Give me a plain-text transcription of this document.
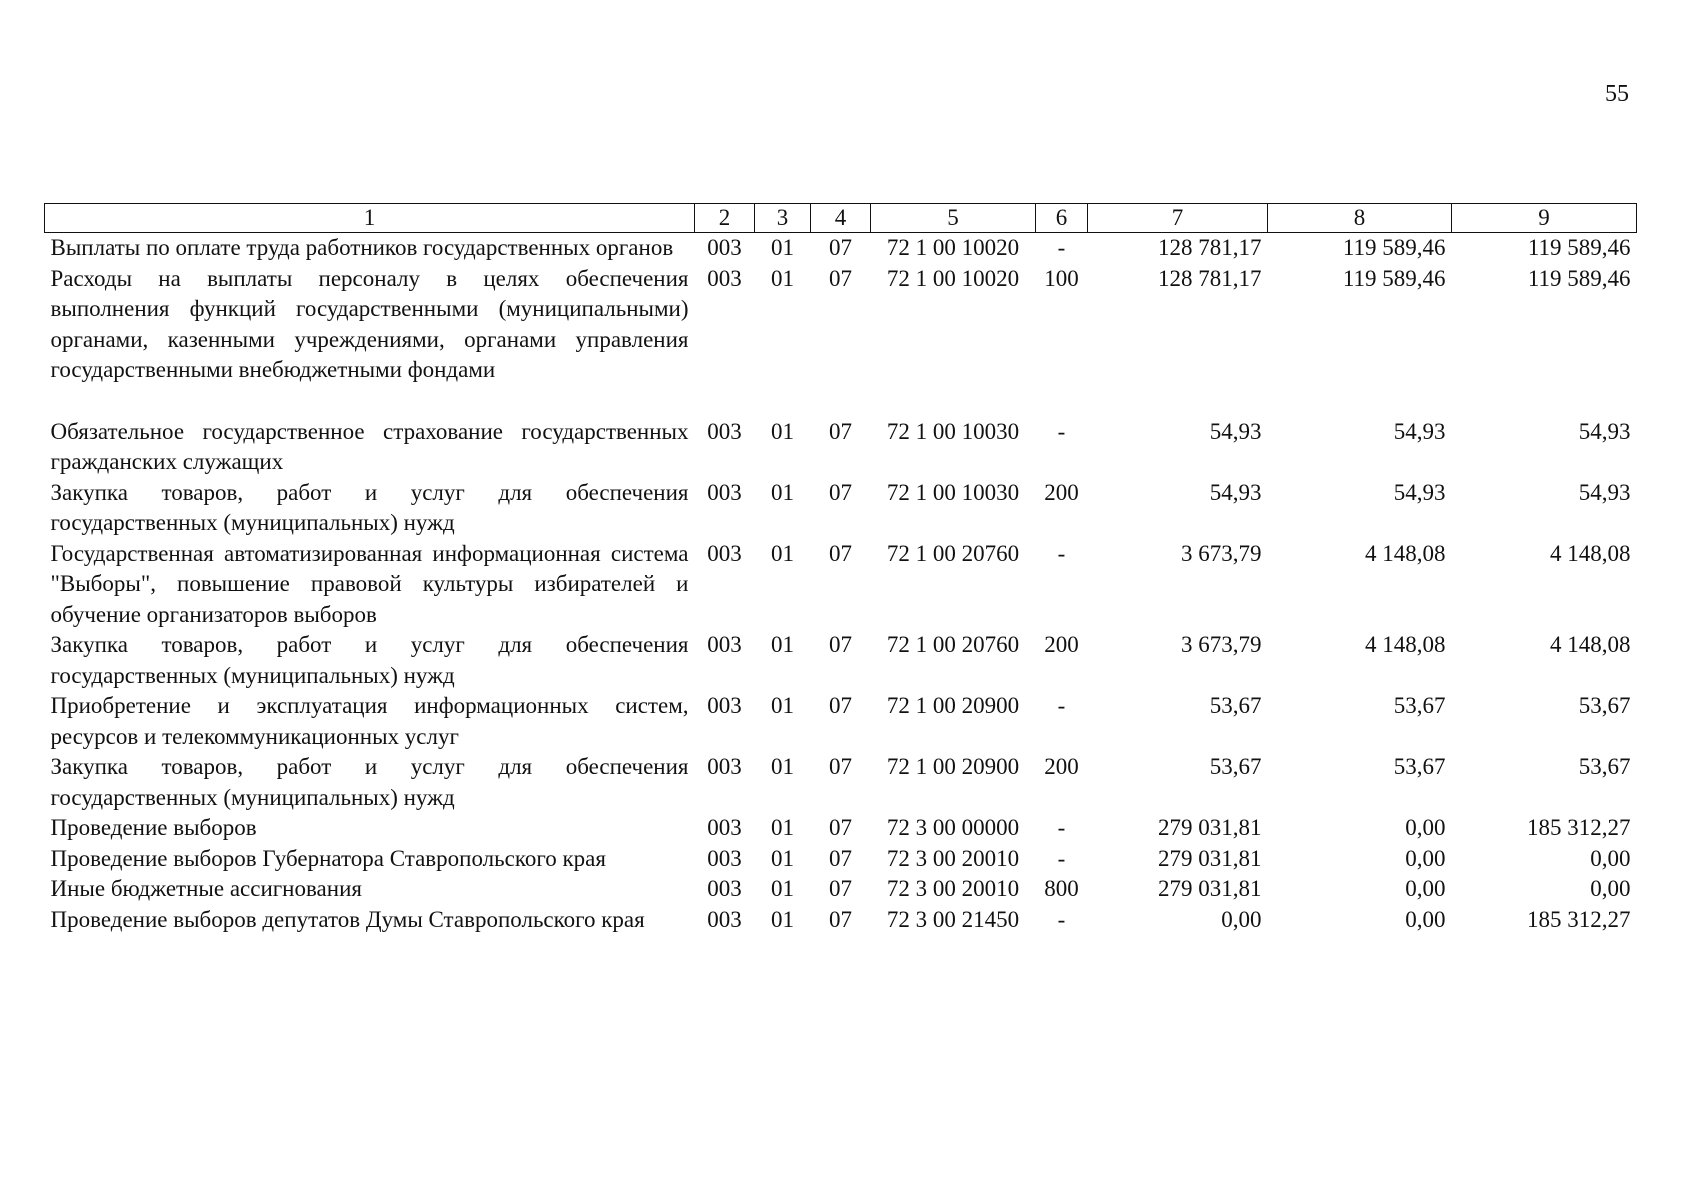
55
1	2	3	4	5	6	7	8	9
Выплаты по оплате труда работников государственных органов	003	01	07	72 1 00 10020	-	128 781,17	119 589,46	119 589,46
Расходы на выплаты персоналу в целях обеспечения выполнения функций государственными (муниципальными) органами, казенными учреждениями, органами управления государственными внебюджетными фондами	003	01	07	72 1 00 10020	100	128 781,17	119 589,46	119 589,46
Обязательное государственное страхование государственных гражданских служащих	003	01	07	72 1 00 10030	-	54,93	54,93	54,93
Закупка товаров, работ и услуг для обеспечения государственных (муниципальных) нужд	003	01	07	72 1 00 10030	200	54,93	54,93	54,93
Государственная автоматизированная информационная система "Выборы", повышение правовой культуры избирателей и обучение организаторов выборов	003	01	07	72 1 00 20760	-	3 673,79	4 148,08	4 148,08
Закупка товаров, работ и услуг для обеспечения государственных (муниципальных) нужд	003	01	07	72 1 00 20760	200	3 673,79	4 148,08	4 148,08
Приобретение и эксплуатация информационных систем, ресурсов и телекоммуникационных услуг	003	01	07	72 1 00 20900	-	53,67	53,67	53,67
Закупка товаров, работ и услуг для обеспечения государственных (муниципальных) нужд	003	01	07	72 1 00 20900	200	53,67	53,67	53,67
Проведение выборов	003	01	07	72 3 00 00000	-	279 031,81	0,00	185 312,27
Проведение выборов Губернатора Ставропольского края	003	01	07	72 3 00 20010	-	279 031,81	0,00	0,00
Иные бюджетные ассигнования	003	01	07	72 3 00 20010	800	279 031,81	0,00	0,00
Проведение выборов депутатов Думы Ставропольского края	003	01	07	72 3 00 21450	-	0,00	0,00	185 312,27
